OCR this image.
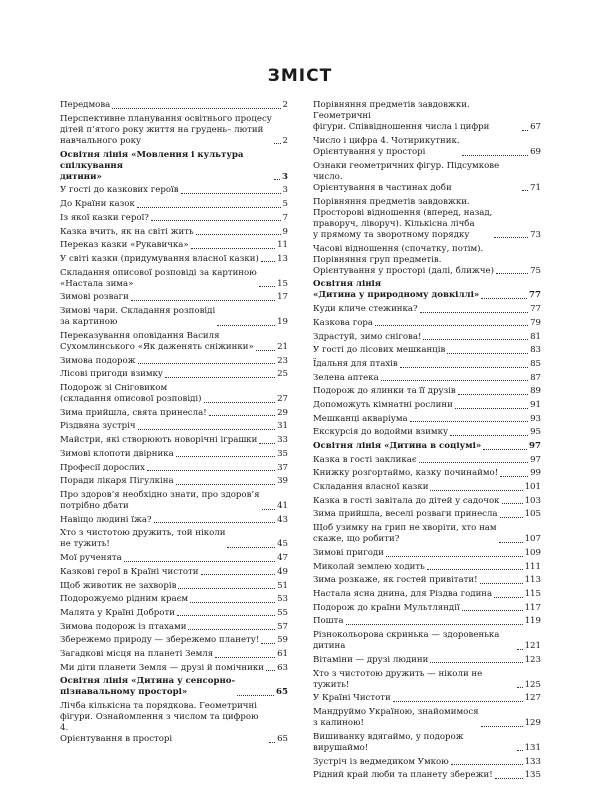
ЗМІСТ
Передмова	2
Перспективне планування освітнього процесу
дітей п’ятого року життя на грудень– лютий
навчального року	2
Освітня лінія «Мовлення і культура спілкування
дитини»	3
У гості до казкових героїв	3
До Країни казок	5
Із якої казки герої?	7
Казка вчить, як на світі жить	9
Переказ казки «Рукавичка»	11
У світі казки (придумування власної казки) 13
Складання описової розповіді за картиною
«Настала зима»	15
Зимові розваги	17
Зимові чари. Складання розповіді
за картиною	19
Переказування оповідання Василя
Сухомлинського «Як даженять сніжинки»	21
Зимова подорож	23
Лісові пригоди взимку	25
Подорож зі Сніговиком
(складання описової розповіді)	27
Зима прийшла, свята принесла!	29
Різдвяна зустріч	31
Майстри, які створюють новорічні іграшки 33
Зимові клопоти двірника	35
Професії дорослих	37
Поради лікаря Пігулкіна	39
Про здоров’я необхідно знати, про здоров’я
потрібно дбати	41
Навіщо людині їжа?	43
Хто з чистотою дружить, той ніколи
не тужить!	45
Мої рученята	47
Казкові герої в Країні чистоти	49
Щоб животик не захворів	51
Подорожуємо рідним краєм	53
Малята у Країні Доброти	55
Зимова подорож із птахами	57
Збережемо природу — збережемо планету! 59
Загадкові місця на планеті Земля	61
Ми діти планети Земля — друзі й помічники 63
Освітня лінія «Дитина у сенсорно-
пізнавальному просторі»	65
Лічба кількісна та порядкова. Геометричні
фігури. Ознайомлення з числом та цифрою 4.
Орієнтування в просторі	65
Порівняння предметів завдовжки. Геометричні
фігури. Співвідношення числа і цифри	67
Число і цифра 4. Чотирикутник.
Орієнтування у просторі	69
Ознаки геометричних фігур. Підсумкове число.
Орієнтування в частинах доби	71
Порівняння предметів завдовжки.
Просторові відношення (вперед, назад,
праворуч, ліворуч). Кількісна лічба
у прямому та зворотному порядку	73
Часові відношення (спочатку, потім).
Порівняння груп предметів.
Орієнтування у просторі (далі, ближче)	75
Освітня лінія
«Дитина у природному довкіллі»	77
Куди кличе стежинка?	77
Казкова гора	79
Здрастуй, зимо сніговa!	81
У гості до лісових мешканців	83
Їдальня для птахів	85
Зелена аптека	87
Подорож до ялинки та її друзів	89
Допоможуть кімнатні рослини	91
Мешканці акваріума	93
Екскурсія до водойми взимку	95
Освітня лінія «Дитина в соціумі»	97
Казка в гості закликає	97
Книжку розгортаймо, казку починаймо!	99
Складання власної казки	101
Казка в гості завітала до дітей у садочок	103
Зима прийшла, веселі розваги принесла	105
Щоб узимку на грип не хворіти, хто нам
скаже, що робити?	107
Зимові пригоди	109
Миколай землею ходить	111
Зима розкаже, як гостей привітати!	113
Настала ясна днина, для Різдва година	115
Подорож до країни Мультляндії	117
Пошта	119
Різнокольорова скринька — здоровенька дитина	121
Вітаміни — друзі людини	123
Хто з чистотою дружить — ніколи не тужить!	125
У Країні Чистоти	127
Мандруймо Україною, знайомимося
з калиною!	129
Вишиванку вдягаймо, у подорож вирушаймо!	131
Зустріч із ведмедиком Умкою	133
Рідний край люби та планету збережи!	135
